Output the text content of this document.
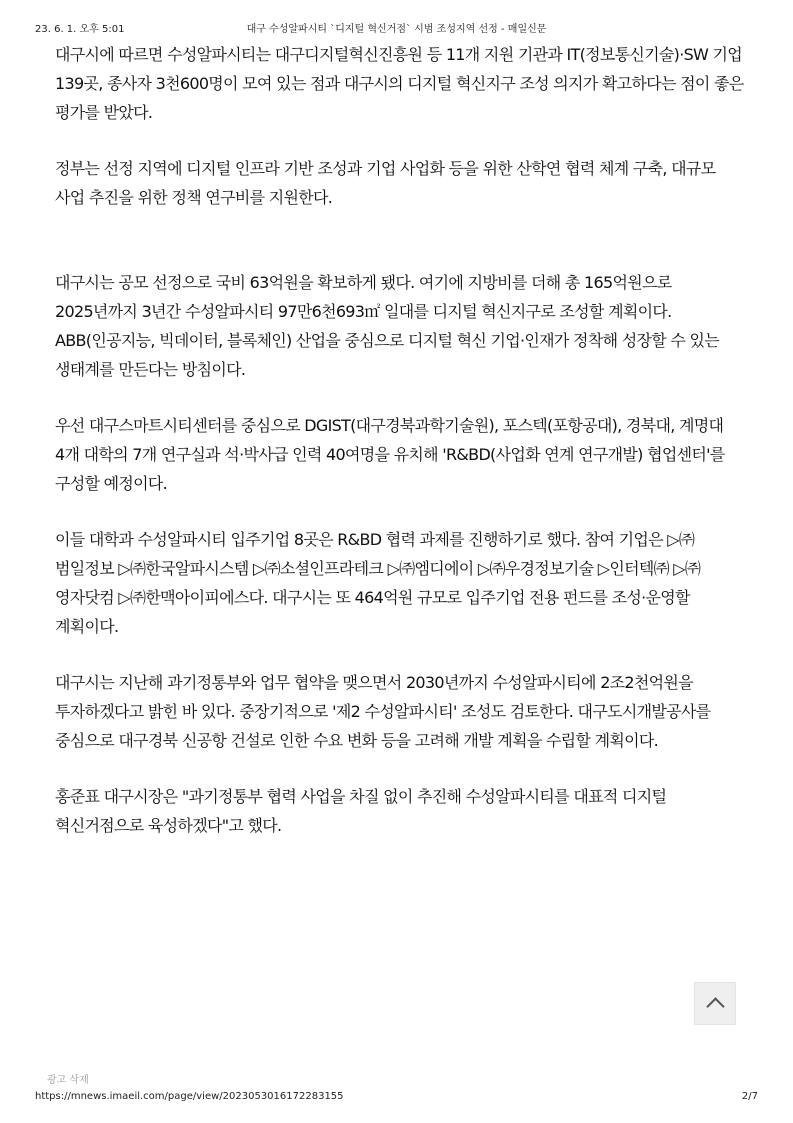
23. 6. 1. 오후 5:01	대구 수성알파시티 `디지털 혁신거점` 시범 조성지역 선정 - 매일신문

대구시에 따르면 수성알파시티는 대구디지털혁신진흥원 등 11개 지원 기관과 IT(정보통신기술)·SW 기업 139곳, 종사자 3천600명이 모여 있는 점과 대구시의 디지털 혁신지구 조성 의지가 확고하다는 점이 좋은 평가를 받았다.

정부는 선정 지역에 디지털 인프라 기반 조성과 기업 사업화 등을 위한 산학연 협력 체계 구축, 대규모 사업 추진을 위한 정책 연구비를 지원한다.

대구시는 공모 선정으로 국비 63억원을 확보하게 됐다. 여기에 지방비를 더해 총 165억원으로 2025년까지 3년간 수성알파시티 97만6천693㎡ 일대를 디지털 혁신지구로 조성할 계획이다. ABB(인공지능, 빅데이터, 블록체인) 산업을 중심으로 디지털 혁신 기업·인재가 정착해 성장할 수 있는 생태계를 만든다는 방침이다.

우선 대구스마트시티센터를 중심으로 DGIST(대구경북과학기술원), 포스텍(포항공대), 경북대, 계명대 4개 대학의 7개 연구실과 석·박사급 인력 40여명을 유치해 'R&BD(사업화 연계 연구개발) 협업센터'를 구성할 예정이다.

이들 대학과 수성알파시티 입주기업 8곳은 R&BD 협력 과제를 진행하기로 했다. 참여 기업은 ▷㈜범일정보 ▷㈜한국알파시스템 ▷㈜소셜인프라테크 ▷㈜엠디에이 ▷㈜우경정보기술 ▷인터텍㈜ ▷㈜영자닷컴 ▷㈜한맥아이피에스다. 대구시는 또 464억원 규모로 입주기업 전용 펀드를 조성·운영할 계획이다.

대구시는 지난해 과기정통부와 업무 협약을 맺으면서 2030년까지 수성알파시티에 2조2천억원을 투자하겠다고 밝힌 바 있다. 중장기적으로 '제2 수성알파시티' 조성도 검토한다. 대구도시개발공사를 중심으로 대구경북 신공항 건설로 인한 수요 변화 등을 고려해 개발 계획을 수립할 계획이다.

홍준표 대구시장은 "과기정통부 협력 사업을 차질 없이 추진해 수성알파시티를 대표적 디지털 혁신거점으로 육성하겠다"고 했다.

광고 삭제
https://mnews.imaeil.com/page/view/2023053016172283155	2/7
